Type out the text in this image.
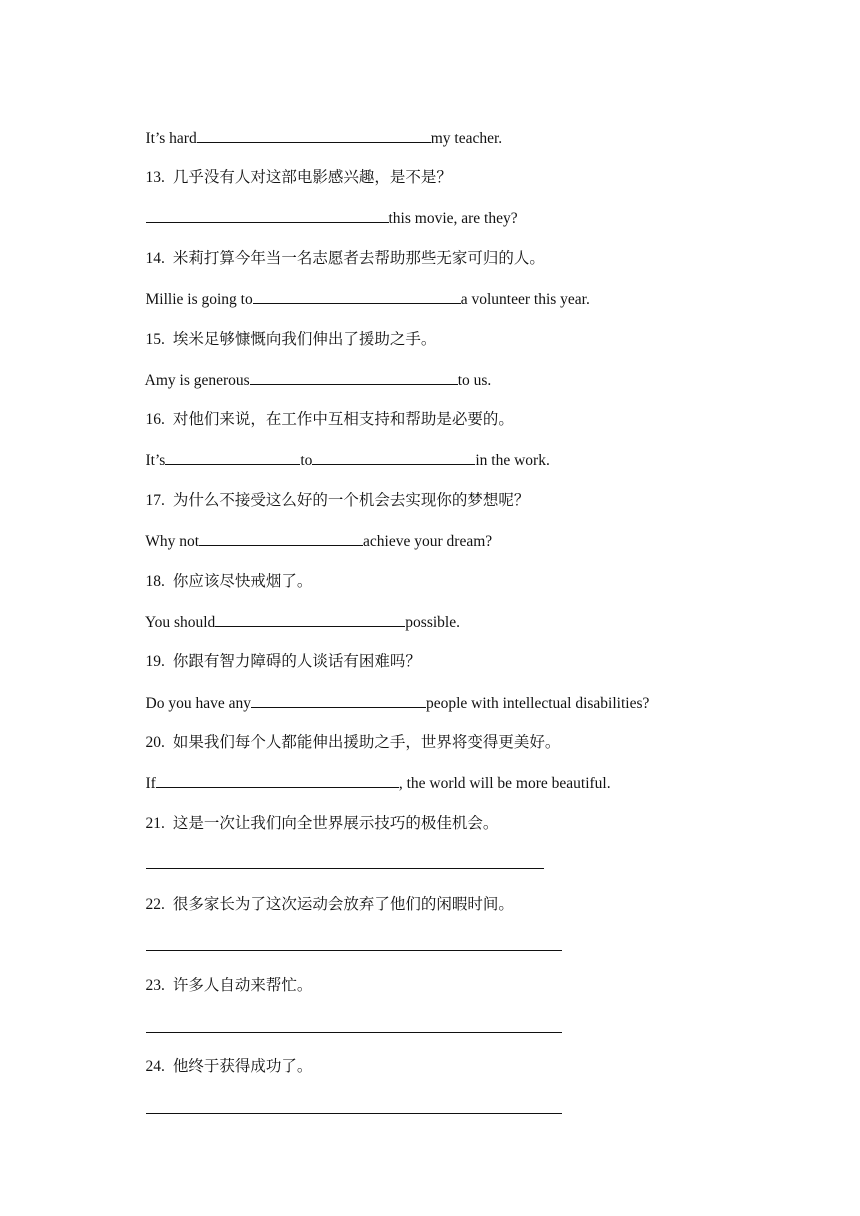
It’s hard	my teacher.

13. 几乎没有人对这部电影感兴趣，是不是？

this movie, are they?

14. 米莉打算今年当一名志愿者去帮助那些无家可归的人。

Millie is going to	a volunteer this year.

15. 埃米足够慷慨向我们伸出了援助之手。

Amy is generous	to us.

16. 对他们来说，在工作中互相支持和帮助是必要的。

It’s	to	in the work.

17. 为什么不接受这么好的一个机会去实现你的梦想呢？

Why not	achieve your dream?

18. 你应该尽快戒烟了。

You should	possible.

19. 你跟有智力障碍的人谈话有困难吗？

Do you have any	people with intellectual disabilities?

20. 如果我们每个人都能伸出援助之手，世界将变得更美好。

If	, the world will be more beautiful.

21. 这是一次让我们向全世界展示技巧的极佳机会。

22. 很多家长为了这次运动会放弃了他们的闲暇时间。

23. 许多人自动来帮忙。

24. 他终于获得成功了。
